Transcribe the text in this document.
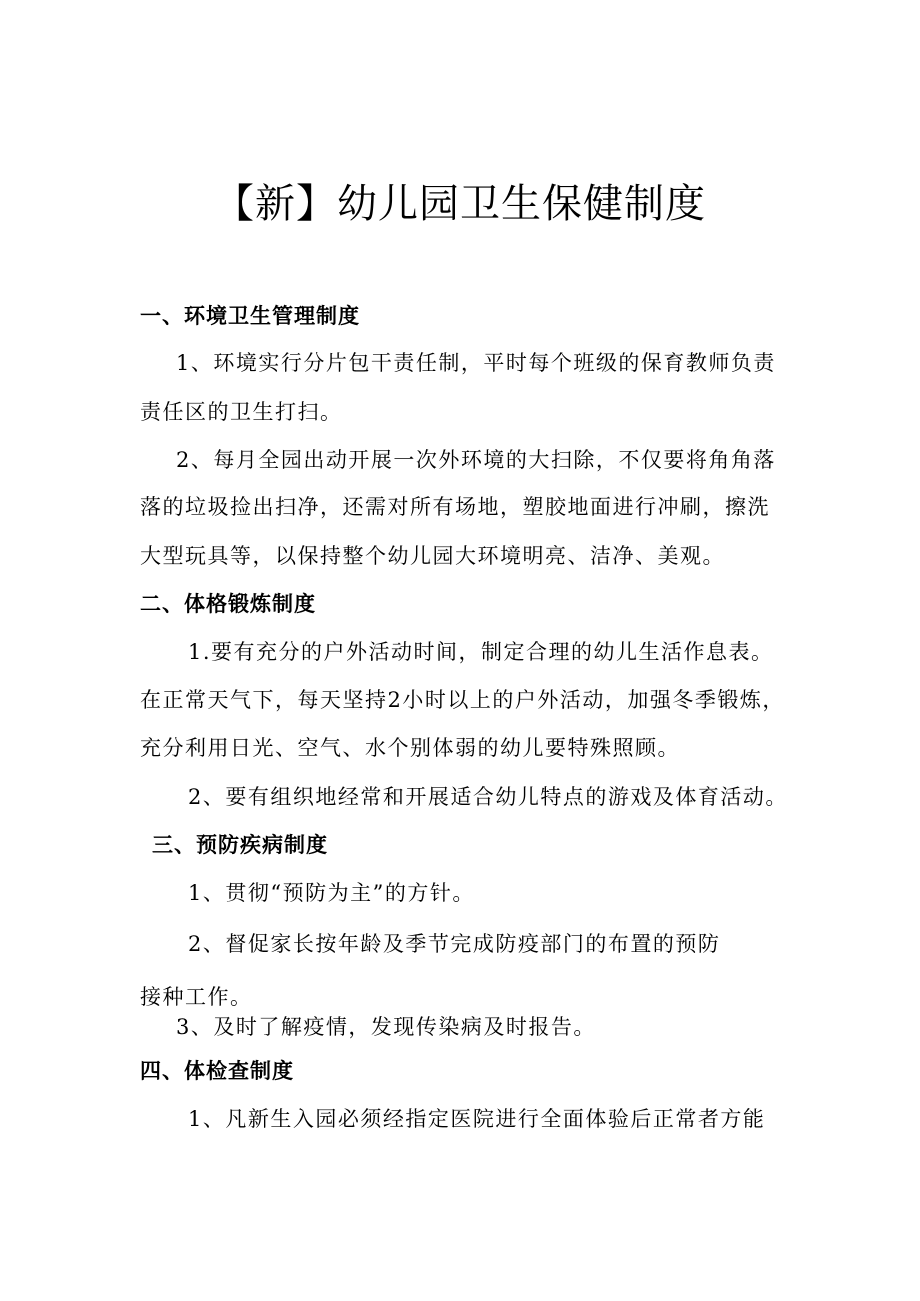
【新】幼儿园卫生保健制度
一、环境卫生管理制度
1、环境实行分片包干责任制，平时每个班级的保育教师负责
责任区的卫生打扫。
2、每月全园出动开展一次外环境的大扫除，不仅要将角角落
落的垃圾捡出扫净，还需对所有场地，塑胶地面进行冲刷，擦洗
大型玩具等，以保持整个幼儿园大环境明亮、洁净、美观。
二、体格锻炼制度
1.要有充分的户外活动时间，制定合理的幼儿生活作息表。
在正常天气下，每天坚持2小时以上的户外活动，加强冬季锻炼，
充分利用日光、空气、水个别体弱的幼儿要特殊照顾。
2、要有组织地经常和开展适合幼儿特点的游戏及体育活动。
三、预防疾病制度
1、贯彻“预防为主”的方针。
2、督促家长按年龄及季节完成防疫部门的布置的预防
接种工作。
3、及时了解疫情，发现传染病及时报告。
四、体检查制度
1、凡新生入园必须经指定医院进行全面体验后正常者方能
